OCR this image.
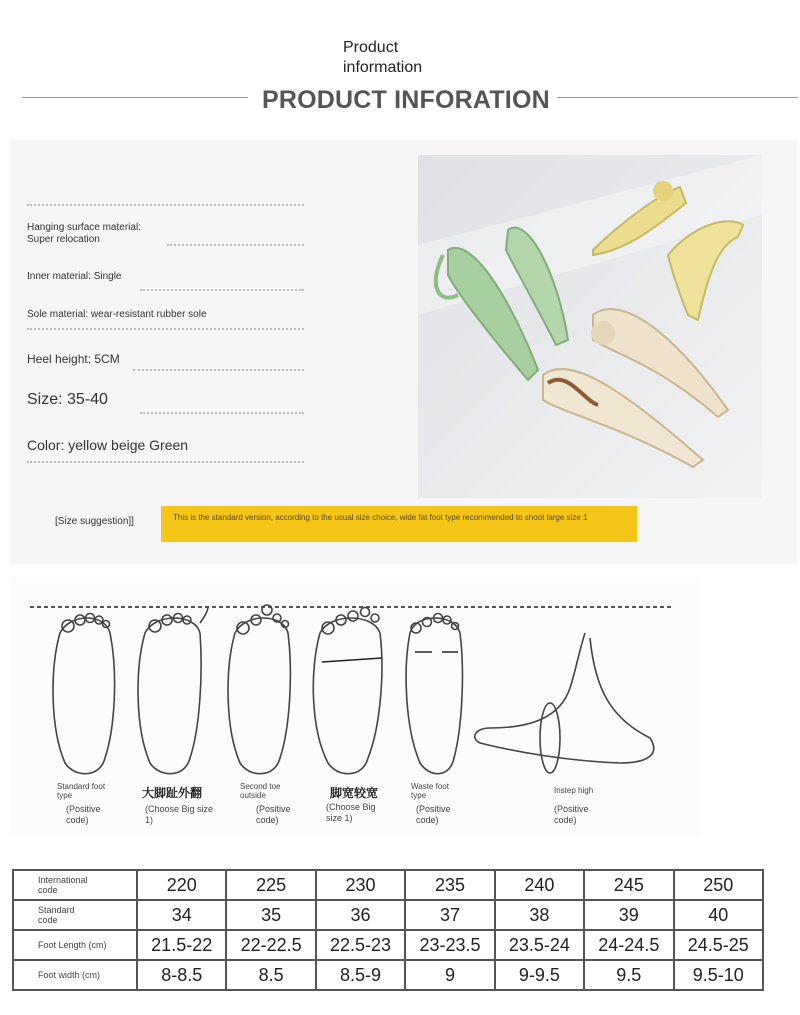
Product
information
PRODUCT INFORATION
Hanging surface material:
Super relocation
Inner material: Single
Sole material: wear-resistant rubber sole
Heel height: 5CM
Size: 35-40
Color: yellow beige Green
[Size suggestion]]	This is the standard version, according to the usual size choice, wide fat foot type recommended to shoot large size 1
Standard foot
type
(Positive
code)
大脚趾外翻
(Choose Big size
1)
Second toe
outside
(Positive
code)
脚宽较宽
(Choose Big
size 1)
Waste foot
type
(Positive
code)
Instep high
(Positive
code)
International
code	220	225	230	235	240	245	250

Standard
code	34	35	36	37	38	39	40
Foot Length (cm)	21.5-22	22-22.5	22.5-23	23-23.5	23.5-24	24-24.5	24.5-25
Foot width (cm)	8-8.5	8.5	8.5-9	9	9-9.5	9.5	9.5-10
